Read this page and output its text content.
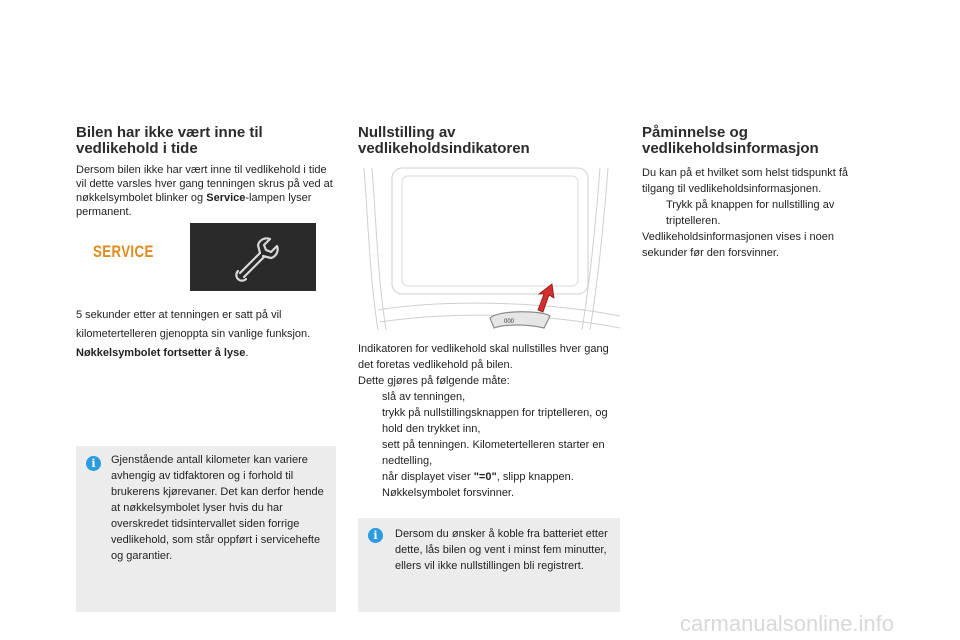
Bilen har ikke vært inne til
vedlikehold i tide

Dersom bilen ikke har vært inne til vedlikehold i tide vil dette varsles hver gang tenningen skrus på ved at nøkkelsymbolet blinker og Service-lampen lyser permanent.

SERVICE

5 sekunder etter at tenningen er satt på vil kilometertelleren gjenoppta sin vanlige funksjon. Nøkkelsymbolet fortsetter å lyse.

i	Gjenstående antall kilometer kan variere avhengig av tidfaktoren og i forhold til brukerens kjørevaner. Det kan derfor hende at nøkkelsymbolet lyser hvis du har overskredet tidsintervallet siden forrige vedlikehold, som står oppført i servicehefte og garantier.
Nullstilling av
vedlikeholdsindikatoren
000

Indikatoren for vedlikehold skal nullstilles hver gang det foretas vedlikehold på bilen.

Dette gjøres på følgende måte:

slå av tenningen,
trykk på nullstillingsknappen for triptelleren, og hold den trykket inn,
sett på tenningen. Kilometertelleren starter en nedtelling,
når displayet viser "=0", slipp knappen. Nøkkelsymbolet forsvinner.
i	Dersom du ønsker å koble fra batteriet etter dette, lås bilen og vent i minst fem minutter, ellers vil ikke nullstillingen bli registrert.
Påminnelse og
vedlikeholdsinformasjon

Du kan på et hvilket som helst tidspunkt få tilgang til vedlikeholdsinformasjonen.

Trykk på knappen for nullstilling av triptelleren.

Vedlikeholdsinformasjonen vises i noen sekunder før den forsvinner.

carmanualsonline.info
